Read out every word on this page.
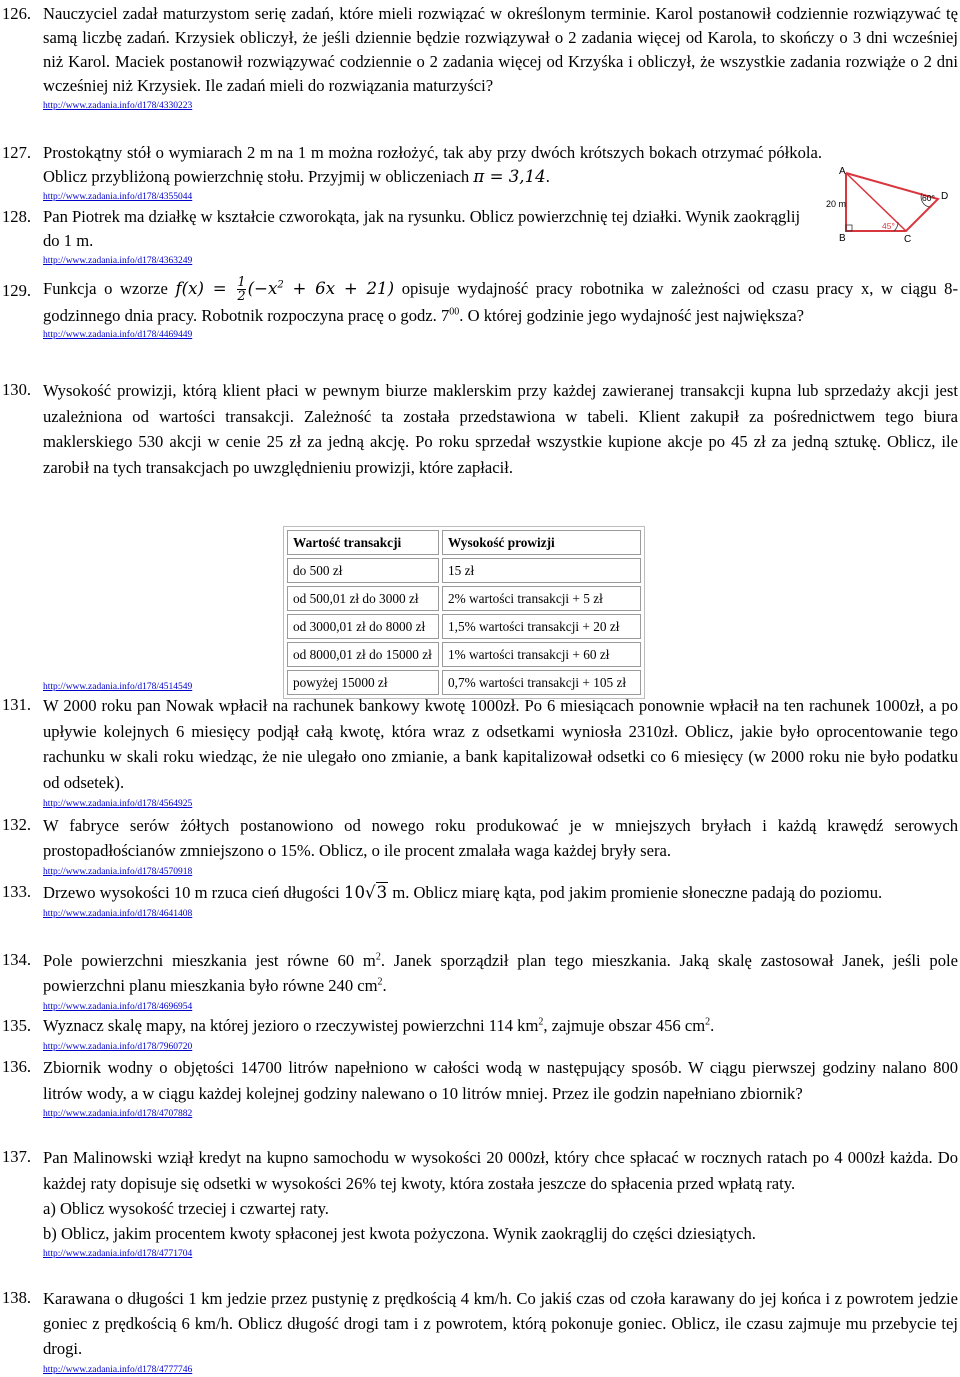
126. Nauczyciel zadał maturzystom serię zadań, które mieli rozwiązać w określonym terminie. Karol postanowił codziennie rozwiązywać tę samą liczbę zadań. Krzysiek obliczył, że jeśli dziennie będzie rozwiązywał o 2 zadania więcej od Karola, to skończy o 3 dni wcześniej niż Karol. Maciek postanowił rozwiązywać codziennie o 2 zadania więcej od Krzyśka i obliczył, że wszystkie zadania rozwiąże o 2 dni wcześniej niż Krzysiek. Ile zadań mieli do rozwiązania maturzyści?
http://www.zadania.info/d178/4330223
127. Prostokątny stół o wymiarach 2 m na 1 m można rozłożyć, tak aby przy dwóch krótszych bokach otrzymać półkola. Oblicz przybliżoną powierzchnię stołu. Przyjmij w obliczeniach π = 3,14.
http://www.zadania.info/d178/4355044
128. Pan Piotrek ma działkę w kształcie czworokąta, jak na rysunku. Oblicz powierzchnię tej działki. Wynik zaokrąglij do 1 m.
http://www.zadania.info/d178/4363249
A
B	C
D
20 m
45°
60°
129. Funkcja o wzorze $f(x) = \frac{1}{2} (-x^2 + 6x + 21)$ opisuje wydajność pracy robotnika w zależności od czasu pracy x, w ciągu 8-godzinnego dnia pracy. Robotnik rozpoczyna pracę o godz. $7^{00}$. O której godzinie jego wydajność jest największa?
http://www.zadania.info/d178/4469449
130. Wysokość prowizji, którą klient płaci w pewnym biurze maklerskim przy każdej zawieranej transakcji kupna lub sprzedaży akcji jest uzależniona od wartości transakcji. Zależność ta została przedstawiona w tabeli. Klient zakupił za pośrednictwem tego biura maklerskiego 530 akcji w cenie 25 zł za jedną akcję. Po roku sprzedał wszystkie kupione akcje po 45 zł za jedną sztukę. Oblicz, ile zarobił na tych transakcjach po uwzględnieniu prowizji, które zapłacił.
Wartość transakcji	Wysokość prowizji
do 500 zł	15 zł
od 500,01 zł do 3000 zł	2% wartości transakcji + 5 zł
od 3000,01 zł do 8000 zł	1,5% wartości transakcji + 20 zł
od 8000,01 zł do 15000 zł	1% wartości transakcji + 60 zł
powyżej 15000 zł	0,7% wartości transakcji + 105 zł
http://www.zadania.info/d178/4514549
131. W 2000 roku pan Nowak wpłacił na rachunek bankowy kwotę 1000zł. Po 6 miesiącach ponownie wpłacił na ten rachunek 1000zł, a po upływie kolejnych 6 miesięcy podjął całą kwotę, która wraz z odsetkami wyniosła 2310zł. Oblicz, jakie było oprocentowanie tego rachunku w skali roku wiedząc, że nie ulegało ono zmianie, a bank kapitalizował odsetki co 6 miesięcy (w 2000 roku nie było podatku od odsetek).
http://www.zadania.info/d178/4564925
132. W fabryce serów żółtych postanowiono od nowego roku produkować je w mniejszych bryłach i każdą krawędź serowych prostopadłościanów zmniejszono o 15%. Oblicz, o ile procent zmalała waga każdej bryły sera.
http://www.zadania.info/d178/4570918
133. Drzewo wysokości 10 m rzuca cień długości 10√3 m. Oblicz miarę kąta, pod jakim promienie słoneczne padają do poziomu.
http://www.zadania.info/d178/4641408
134. Pole powierzchni mieszkania jest równe 60 $m^2$. Janek sporządził plan tego mieszkania. Jaką skalę zastosował Janek, jeśli pole powierzchni planu mieszkania było równe 240 $cm^2$.
http://www.zadania.info/d178/4696954
135. Wyznacz skalę mapy, na której jezioro o rzeczywistej powierzchni 114 $km^2$, zajmuje obszar 456 $cm^2$.
http://www.zadania.info/d178/7960720
136. Zbiornik wodny o objętości 14700 litrów napełniono w całości wodą w następujący sposób. W ciągu pierwszej godziny nalano 800 litrów wody, a w ciągu każdej kolejnej godziny nalewano o 10 litrów mniej. Przez ile godzin napełniano zbiornik?
http://www.zadania.info/d178/4707882
137. Pan Malinowski wziął kredyt na kupno samochodu w wysokości 20 000zł, który chce spłacać w rocznych ratach po 4 000zł każda. Do każdej raty dopisuje się odsetki w wysokości 26% tej kwoty, która została jeszcze do spłacenia przed wpłatą raty.
a) Oblicz wysokość trzeciej i czwartej raty.
b) Oblicz, jakim procentem kwoty spłaconej jest kwota pożyczona. Wynik zaokrąglij do części dziesiątych.
http://www.zadania.info/d178/4771704
138. Karawana o długości 1 km jedzie przez pustynię z prędkością 4 km/h. Co jakiś czas od czoła karawany do jej końca i z powrotem jedzie goniec z prędkością 6 km/h. Oblicz długość drogi tam i z powrotem, którą pokonuje goniec. Oblicz, ile czasu zajmuje mu przebycie tej drogi.
http://www.zadania.info/d178/4777746
